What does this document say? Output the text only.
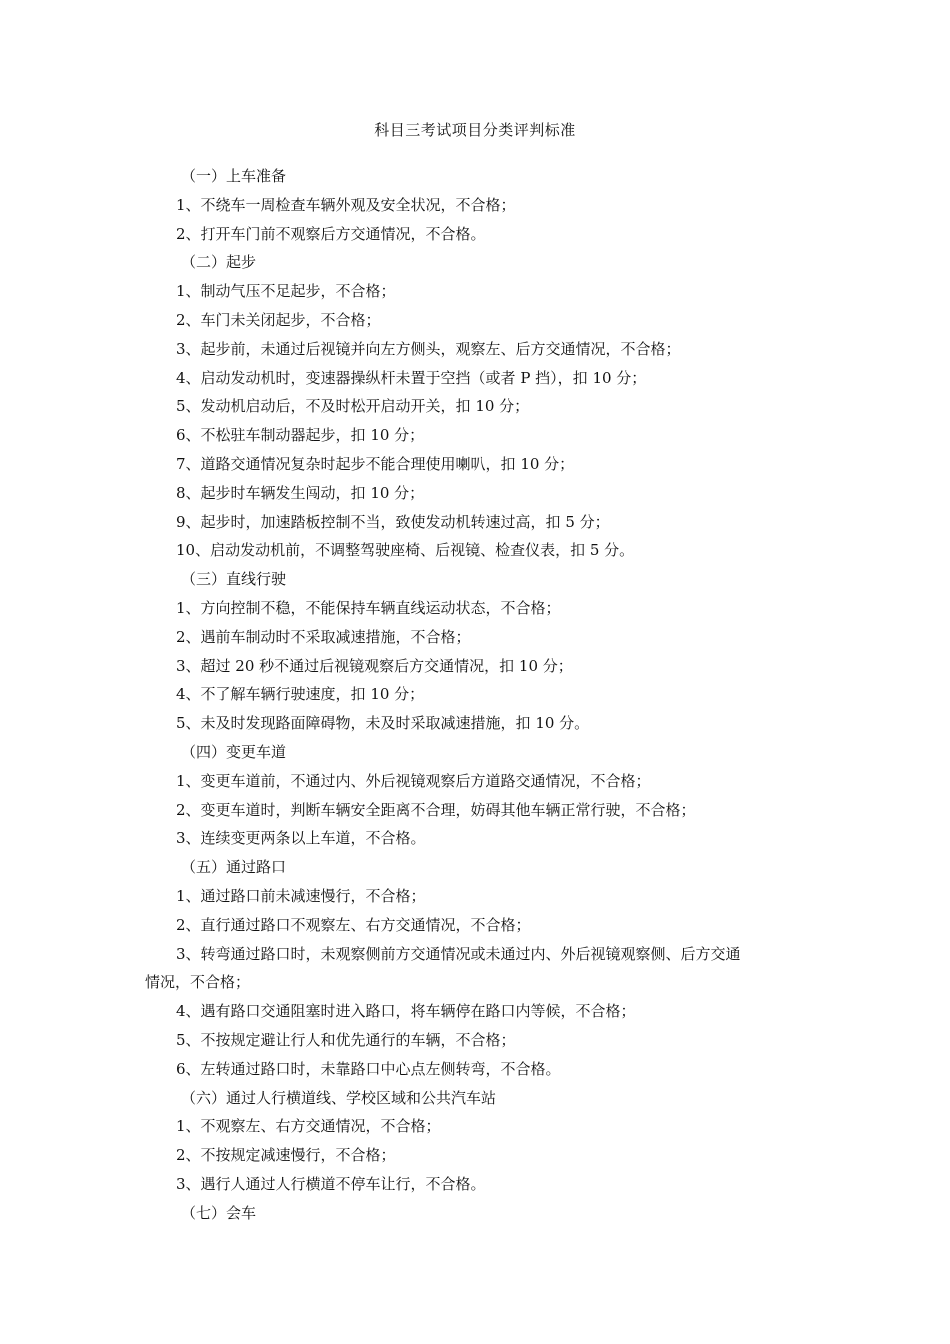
科目三考试项目分类评判标准
（一）上车准备
1、不绕车一周检查车辆外观及安全状况，不合格；
2、打开车门前不观察后方交通情况，不合格。
（二）起步
1、制动气压不足起步，不合格；
2、车门未关闭起步，不合格；
3、起步前，未通过后视镜并向左方侧头，观察左、后方交通情况，不合格；
4、启动发动机时，变速器操纵杆未置于空挡（或者 P 挡），扣 10 分；
5、发动机启动后，不及时松开启动开关，扣 10 分；
6、不松驻车制动器起步，扣 10 分；
7、道路交通情况复杂时起步不能合理使用喇叭，扣 10 分；
8、起步时车辆发生闯动，扣 10 分；
9、起步时，加速踏板控制不当，致使发动机转速过高，扣 5 分；
10、启动发动机前，不调整驾驶座椅、后视镜、检查仪表，扣 5 分。
（三）直线行驶
1、方向控制不稳，不能保持车辆直线运动状态，不合格；
2、遇前车制动时不采取减速措施，不合格；
3、超过 20 秒不通过后视镜观察后方交通情况，扣 10 分；
4、不了解车辆行驶速度，扣 10 分；
5、未及时发现路面障碍物，未及时采取减速措施，扣 10 分。
（四）变更车道
1、变更车道前，不通过内、外后视镜观察后方道路交通情况，不合格；
2、变更车道时，判断车辆安全距离不合理，妨碍其他车辆正常行驶，不合格；
3、连续变更两条以上车道，不合格。
（五）通过路口
1、通过路口前未减速慢行，不合格；
2、直行通过路口不观察左、右方交通情况，不合格；
3、转弯通过路口时，未观察侧前方交通情况或未通过内、外后视镜观察侧、后方交通
情况，不合格；
4、遇有路口交通阻塞时进入路口，将车辆停在路口内等候，不合格；
5、不按规定避让行人和优先通行的车辆，不合格；
6、左转通过路口时，未靠路口中心点左侧转弯，不合格。
（六）通过人行横道线、学校区域和公共汽车站
1、不观察左、右方交通情况，不合格；
2、不按规定减速慢行，不合格；
3、遇行人通过人行横道不停车让行，不合格。
（七）会车
